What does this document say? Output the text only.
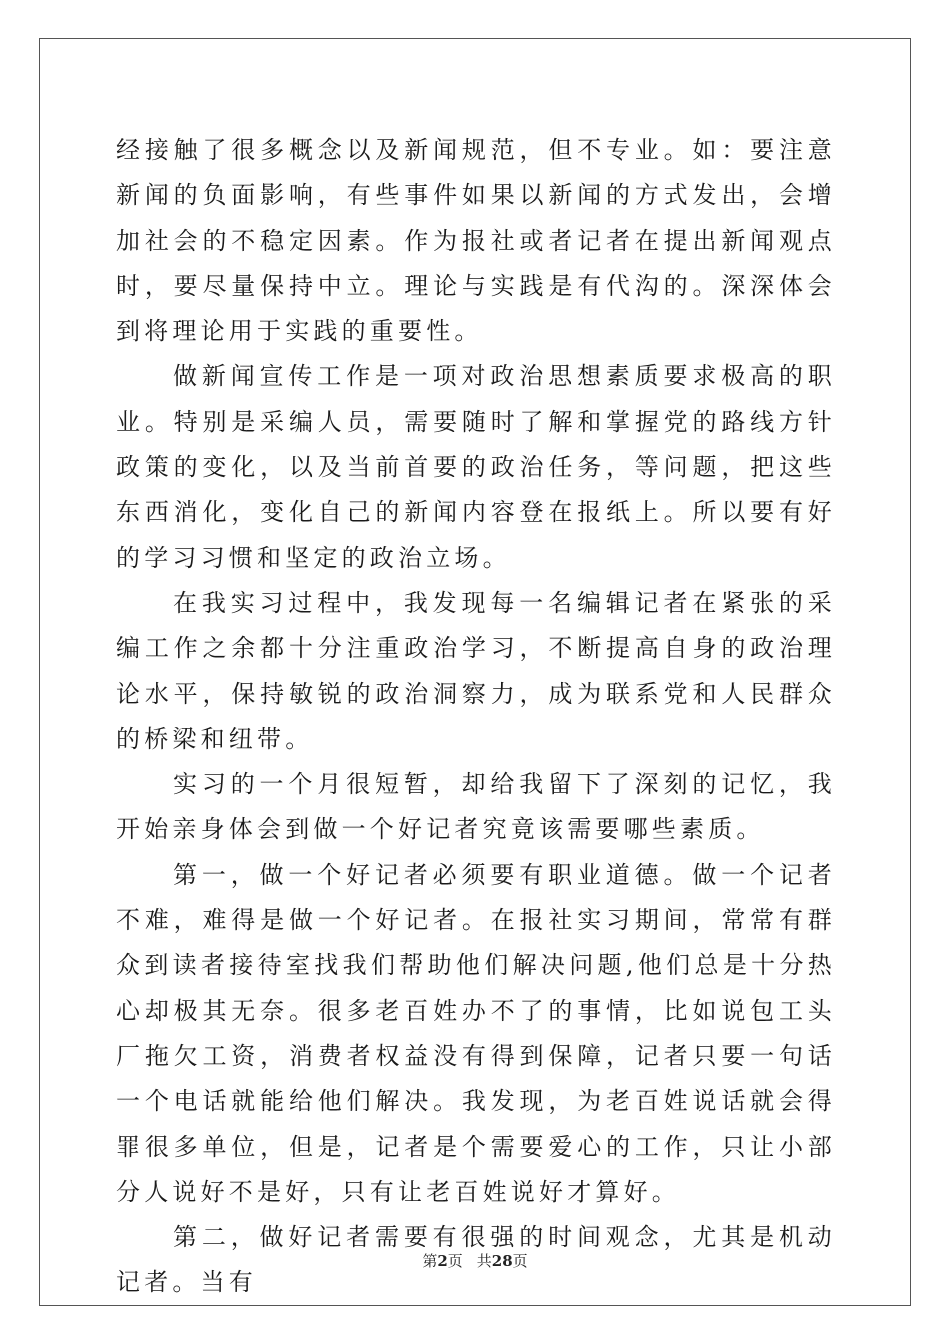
经接触了很多概念以及新闻规范，但不专业。如：要注意新闻的负面影响，有些事件如果以新闻的方式发出，会增加社会的不稳定因素。作为报社或者记者在提出新闻观点时，要尽量保持中立。理论与实践是有代沟的。深深体会到将理论用于实践的重要性。

做新闻宣传工作是一项对政治思想素质要求极高的职业。特别是采编人员，需要随时了解和掌握党的路线方针政策的变化，以及当前首要的政治任务，等问题，把这些东西消化，变化自己的新闻内容登在报纸上。所以要有好的学习习惯和坚定的政治立场。

在我实习过程中，我发现每一名编辑记者在紧张的采编工作之余都十分注重政治学习，不断提高自身的政治理论水平，保持敏锐的政治洞察力，成为联系党和人民群众的桥梁和纽带。

实习的一个月很短暂，却给我留下了深刻的记忆，我开始亲身体会到做一个好记者究竟该需要哪些素质。

第一，做一个好记者必须要有职业道德。做一个记者不难，难得是做一个好记者。在报社实习期间，常常有群众到读者接待室找我们帮助他们解决问题,他们总是十分热心却极其无奈。很多老百姓办不了的事情，比如说包工头厂拖欠工资，消费者权益没有得到保障，记者只要一句话一个电话就能给他们解决。我发现，为老百姓说话就会得罪很多单位，但是，记者是个需要爱心的工作，只让小部分人说好不是好，只有让老百姓说好才算好。

第二，做好记者需要有很强的时间观念，尤其是机动记者。当有

第2页 共28页
